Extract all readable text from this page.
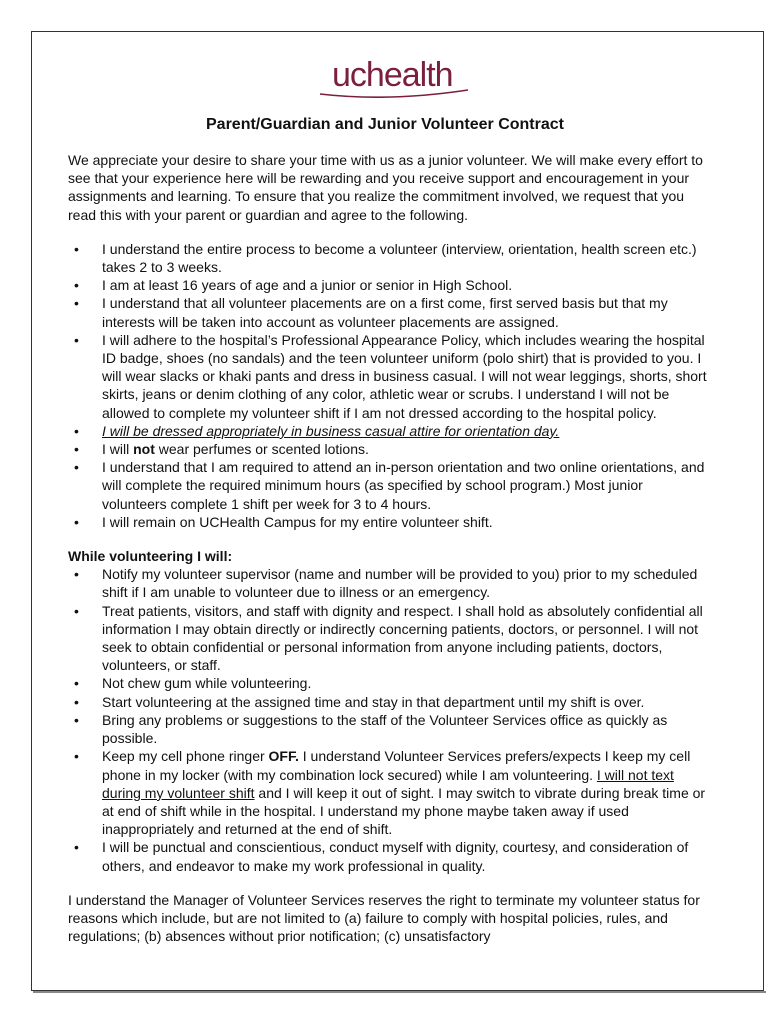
uchealth
Parent/Guardian and Junior Volunteer Contract

We appreciate your desire to share your time with us as a junior volunteer. We will make every effort to see that your experience here will be rewarding and you receive support and encouragement in your assignments and learning. To ensure that you realize the commitment involved, we request that you read this with your parent or guardian and agree to the following.

• I understand the entire process to become a volunteer (interview, orientation, health screen etc.) takes 2 to 3 weeks.
• I am at least 16 years of age and a junior or senior in High School.
• I understand that all volunteer placements are on a first come, first served basis but that my interests will be taken into account as volunteer placements are assigned.
• I will adhere to the hospital’s Professional Appearance Policy, which includes wearing the hospital ID badge, shoes (no sandals) and the teen volunteer uniform (polo shirt) that is provided to you. I will wear slacks or khaki pants and dress in business casual. I will not wear leggings, shorts, short skirts, jeans or denim clothing of any color, athletic wear or scrubs. I understand I will not be allowed to complete my volunteer shift if I am not dressed according to the hospital policy.
• I will be dressed appropriately in business casual attire for orientation day.
• I will not wear perfumes or scented lotions.
• I understand that I am required to attend an in-person orientation and two online orientations, and will complete the required minimum hours (as specified by school program.) Most junior volunteers complete 1 shift per week for 3 to 4 hours.
• I will remain on UCHealth Campus for my entire volunteer shift.

While volunteering I will:

• Notify my volunteer supervisor (name and number will be provided to you) prior to my scheduled shift if I am unable to volunteer due to illness or an emergency.
• Treat patients, visitors, and staff with dignity and respect. I shall hold as absolutely confidential all information I may obtain directly or indirectly concerning patients, doctors, or personnel. I will not seek to obtain confidential or personal information from anyone including patients, doctors, volunteers, or staff.
• Not chew gum while volunteering.
• Start volunteering at the assigned time and stay in that department until my shift is over.
• Bring any problems or suggestions to the staff of the Volunteer Services office as quickly as possible.
• Keep my cell phone ringer OFF. I understand Volunteer Services prefers/expects I keep my cell phone in my locker (with my combination lock secured) while I am volunteering. I will not text during my volunteer shift and I will keep it out of sight. I may switch to vibrate during break time or at end of shift while in the hospital. I understand my phone maybe taken away if used inappropriately and returned at the end of shift.
• I will be punctual and conscientious, conduct myself with dignity, courtesy, and consideration of others, and endeavor to make my work professional in quality.

I understand the Manager of Volunteer Services reserves the right to terminate my volunteer status for reasons which include, but are not limited to (a) failure to comply with hospital policies, rules, and regulations; (b) absences without prior notification; (c) unsatisfactory
